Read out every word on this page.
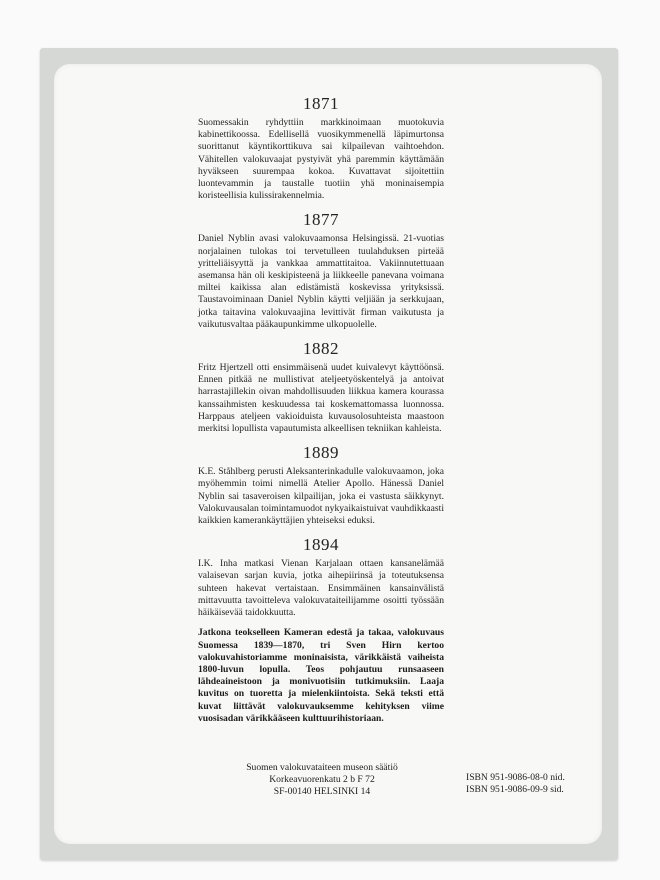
1871

Suomessakin ryhdyttiin markkinoimaan muotokuvia kabinettikoossa. Edellisellä vuosikymmenellä läpimurtonsa suorittanut käyntikorttikuva sai kilpailevan vaihtoehdon. Vähitellen valokuvaajat pystyivät yhä paremmin käyttämään hyväkseen suurempaa kokoa. Kuvattavat sijoitettiin luontevammin ja taustalle tuotiin yhä moninaisempia koristeellisia kulissirakennelmia.

1877

Daniel Nyblin avasi valokuvaamonsa Helsingissä. 21-vuotias norjalainen tulokas toi tervetulleen tuulahduksen pirteää yritteliäisyyttä ja vankkaa ammattitaitoa. Vakiinnutettuaan asemansa hän oli keskipisteenä ja liikkeelle panevana voimana miltei kaikissa alan edistämistä koskevissa yrityksissä. Taustavoiminaan Daniel Nyblin käytti veljiään ja serkkujaan, jotka taitavina valokuvaajina levittivät firman vaikutusta ja vaikutusvaltaa pääkaupunkimme ulkopuolelle.

1882

Fritz Hjertzell otti ensimmäisenä uudet kuivalevyt käyttöönsä. Ennen pitkää ne mullistivat ateljeetyöskentelyä ja antoivat harrastajillekin oivan mahdollisuuden liikkua kamera kourassa kanssaihmisten keskuudessa tai koskemattomassa luonnossa. Harppaus ateljeen vakioiduista kuvausolosuhteista maastoon merkitsi lopullista vapautumista alkeellisen tekniikan kahleista.

1889

K.E. Ståhlberg perusti Aleksanterinkadulle valokuvaamon, joka myöhemmin toimi nimellä Atelier Apollo. Hänessä Daniel Nyblin sai tasaveroisen kilpailijan, joka ei vastusta säikkynyt. Valokuvausalan toimintamuodot nykyaikaistuivat vauhdikkaasti kaikkien kamerankäyttäjien yhteiseksi eduksi.

1894

I.K. Inha matkasi Vienan Karjalaan ottaen kansanelämää valaisevan sarjan kuvia, jotka aihepiirinsä ja toteutuksensa suhteen hakevat vertaistaan. Ensimmäinen kansainvälistä mittavuutta tavoitteleva valokuvataiteilijamme osoitti työssään häikäisevää taidokkuutta.

Jatkona teokselleen Kameran edestä ja takaa, valokuvaus Suomessa 1839—1870, tri Sven Hirn kertoo valokuvahistoriamme moninaisista, värikkäistä vaiheista 1800-luvun lopulla. Teos pohjautuu runsaaseen lähdeaineistoon ja monivuotisiin tutkimuksiin. Laaja kuvitus on tuoretta ja mielenkiintoista. Sekä teksti että kuvat liittävät valokuvauksemme kehityksen viime vuosisadan värikkääseen kulttuurihistoriaan.

Suomen valokuvataiteen museon säätiö
Korkeavuorenkatu 2 b F 72
SF-00140 HELSINKI 14
ISBN 951-9086-08-0 nid.
ISBN 951-9086-09-9 sid.
